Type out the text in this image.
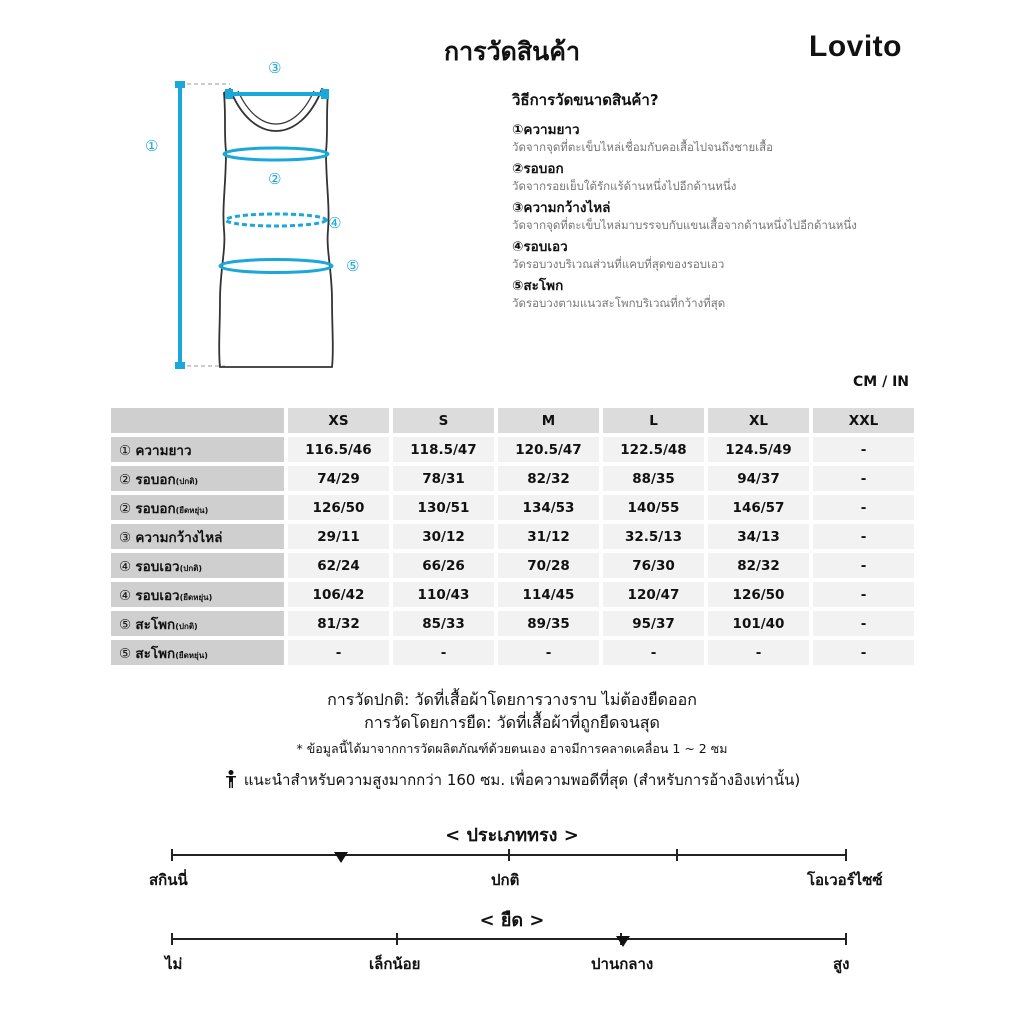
การวัดสินค้า	Lovito
①
②
③
④
⑤
วิธีการวัดขนาดสินค้า?
①ความยาว
วัดจากจุดที่ตะเข็บไหล่เชื่อมกับคอเสื้อไปจนถึงชายเสื้อ
②รอบอก
วัดจากรอยเย็บใต้รักแร้ด้านหนึ่งไปอีกด้านหนึ่ง
③ความกว้างไหล่
วัดจากจุดที่ตะเข็บไหล่มาบรรจบกับแขนเสื้อจากด้านหนึ่งไปอีกด้านหนึ่ง
④รอบเอว
วัดรอบวงบริเวณส่วนที่แคบที่สุดของรอบเอว
⑤สะโพก
วัดรอบวงตามแนวสะโพกบริเวณที่กว้างที่สุด
CM / IN
	XS	S	M	L	XL	XXL
① ความยาว	116.5/46	118.5/47	120.5/47	122.5/48	124.5/49	-
② รอบอก(ปกติ)	74/29	78/31	82/32	88/35	94/37	-
② รอบอก(ยืดหยุ่น)	126/50	130/51	134/53	140/55	146/57	-
③ ความกว้างไหล่	29/11	30/12	31/12	32.5/13	34/13	-
④ รอบเอว(ปกติ)	62/24	66/26	70/28	76/30	82/32	-
④ รอบเอว(ยืดหยุ่น)	106/42	110/43	114/45	120/47	126/50	-
⑤ สะโพก(ปกติ)	81/32	85/33	89/35	95/37	101/40	-
⑤ สะโพก(ยืดหยุ่น)	-	-	-	-	-	-
การวัดปกติ: วัดที่เสื้อผ้าโดยการวางราบ ไม่ต้องยืดออก
การวัดโดยการยืด: วัดที่เสื้อผ้าที่ถูกยืดจนสุด
* ข้อมูลนี้ได้มาจากการวัดผลิตภัณฑ์ด้วยตนเอง อาจมีการคลาดเคลื่อน 1 ~ 2 ซม
แนะนำสำหรับความสูงมากกว่า 160 ซม. เพื่อความพอดีที่สุด (สำหรับการอ้างอิงเท่านั้น)
< ประเภททรง >
สกินนี่	ปกติ	โอเวอร์ไซซ์
< ยืด >
ไม่	เล็กน้อย	ปานกลาง	สูง
